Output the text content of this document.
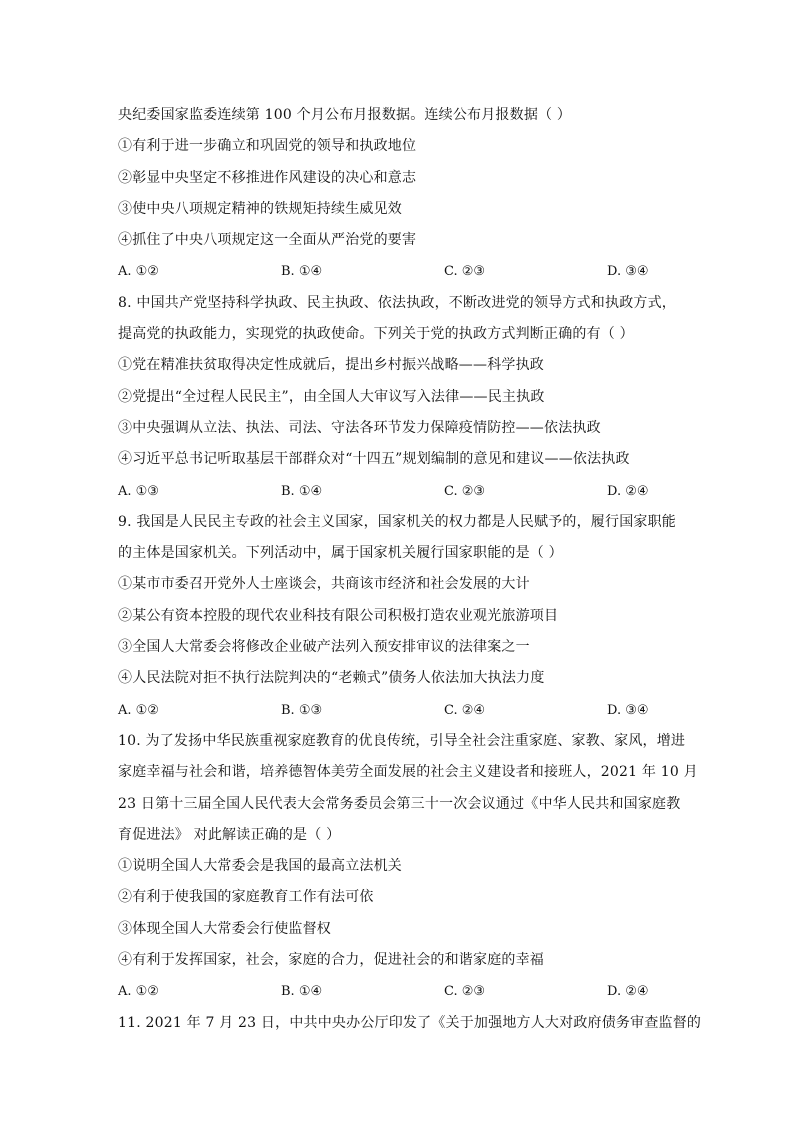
央纪委国家监委连续第 100 个月公布月报数据。连续公布月报数据（ ）
①有利于进一步确立和巩固党的领导和执政地位
②彰显中央坚定不移推进作风建设的决心和意志
③使中央八项规定精神的铁规矩持续生威见效
④抓住了中央八项规定这一全面从严治党的要害
A. ①②	B. ①④	C. ②③	D. ③④
8. 中国共产党坚持科学执政、民主执政、依法执政，不断改进党的领导方式和执政方式，
提高党的执政能力，实现党的执政使命。下列关于党的执政方式判断正确的有（ ）
①党在精准扶贫取得决定性成就后，提出乡村振兴战略——科学执政
②党提出“全过程人民民主”，由全国人大审议写入法律——民主执政
③中央强调从立法、执法、司法、守法各环节发力保障疫情防控——依法执政
④习近平总书记听取基层干部群众对“十四五”规划编制的意见和建议——依法执政
A. ①③	B. ①④	C. ②③	D. ②④
9. 我国是人民民主专政的社会主义国家，国家机关的权力都是人民赋予的，履行国家职能
的主体是国家机关。下列活动中，属于国家机关履行国家职能的是（ ）
①某市市委召开党外人士座谈会，共商该市经济和社会发展的大计
②某公有资本控股的现代农业科技有限公司积极打造农业观光旅游项目
③全国人大常委会将修改企业破产法列入预安排审议的法律案之一
④人民法院对拒不执行法院判决的“老赖式”债务人依法加大执法力度
A. ①②	B. ①③	C. ②④	D. ③④
10. 为了发扬中华民族重视家庭教育的优良传统，引导全社会注重家庭、家教、家风，增进
家庭幸福与社会和谐，培养德智体美劳全面发展的社会主义建设者和接班人，2021 年 10 月
23 日第十三届全国人民代表大会常务委员会第三十一次会议通过《中华人民共和国家庭教
育促进法》 对此解读正确的是（ ）
①说明全国人大常委会是我国的最高立法机关
②有利于使我国的家庭教育工作有法可依
③体现全国人大常委会行使监督权
④有利于发挥国家，社会，家庭的合力，促进社会的和谐家庭的幸福
A. ①②	B. ①④	C. ②③	D. ②④
11. 2021 年 7 月 23 日，中共中央办公厅印发了《关于加强地方人大对政府债务审查监督的
